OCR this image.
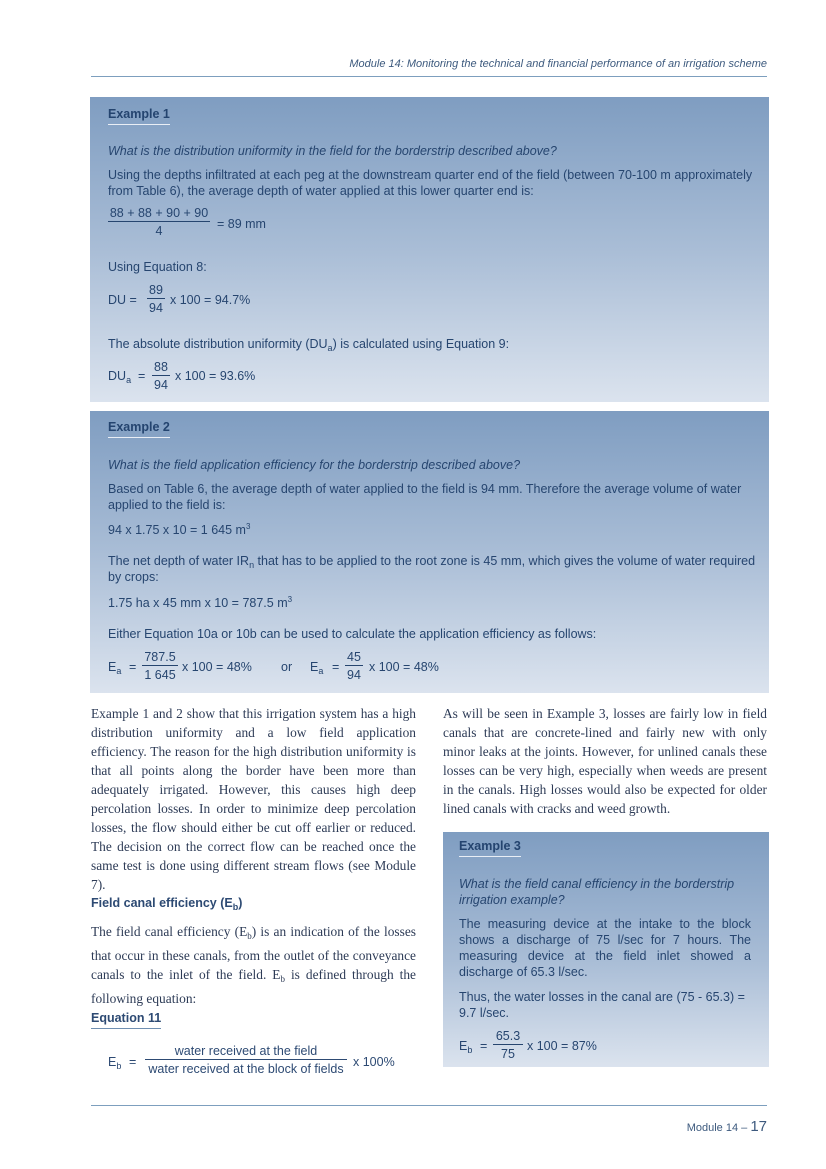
Module 14: Monitoring the technical and financial performance of an irrigation scheme
Example 1
What is the distribution uniformity in the field for the borderstrip described above?
Using the depths infiltrated at each peg at the downstream quarter end of the field (between 70-100 m approximately
from Table 6), the average depth of water applied at this lower quarter end is:
$\frac{88 + 88 + 90 + 90}{4} = 89$ mm
Using Equation 8:
DU = $\frac{89}{94}$ x 100 = 94.7%
The absolute distribution uniformity $(DU_a)$ is calculated using Equation 9:
$DU_a = \frac{88}{94}$ x 100 = 93.6%
Example 2
What is the field application efficiency for the borderstrip described above?
Based on Table 6, the average depth of water applied to the field is 94 mm. Therefore the average volume of water
applied to the field is:
94 x 1.75 x 10 = 1 645 $m^3$
The net depth of water $IR_n$ that has to be applied to the root zone is 45 mm, which gives the volume of water required
by crops:
1.75 ha x 45 mm x 10 = 787.5 $m^3$
Either Equation 10a or 10b can be used to calculate the application efficiency as follows:
$E_a = \frac{787.5}{1 645}$ x 100 = 48% or $E_a = \frac{45}{94}$ x 100 = 48%
Example 1 and 2 show that this irrigation system has a high distribution uniformity and a low field application efficiency. The reason for the high distribution uniformity is that all points along the border have been more than adequately irrigated. However, this causes high deep percolation losses. In order to minimize deep percolation losses, the flow should either be cut off earlier or reduced. The decision on the correct flow can be reached once the same test is done using different stream flows (see Module 7).
Field canal efficiency $(E_b)$
The field canal efficiency $(E_b)$ is an indication of the losses that occur in these canals, from the outlet of the conveyance canals to the inlet of the field. $E_b$ is defined through the following equation:
Equation 11
$E_b$ =
water received at the field
water received at the block of fields x 100%
As will be seen in Example 3, losses are fairly low in field canals that are concrete-lined and fairly new with only minor leaks at the joints. However, for unlined canals these losses can be very high, especially when weeds are present in the canals. High losses would also be expected for older lined canals with cracks and weed growth.
Example 3
What is the field canal efficiency in the borderstrip irrigation example?
The measuring device at the intake to the block shows a discharge of 75 l/sec for 7 hours. The measuring device at the field inlet showed a discharge of 65.3 l/sec.
Thus, the water losses in the canal are (75 - 65.3) = 9.7 l/sec.
$E_b = \frac{65.3}{75}$ x 100 = 87%
Module 14 – 17
